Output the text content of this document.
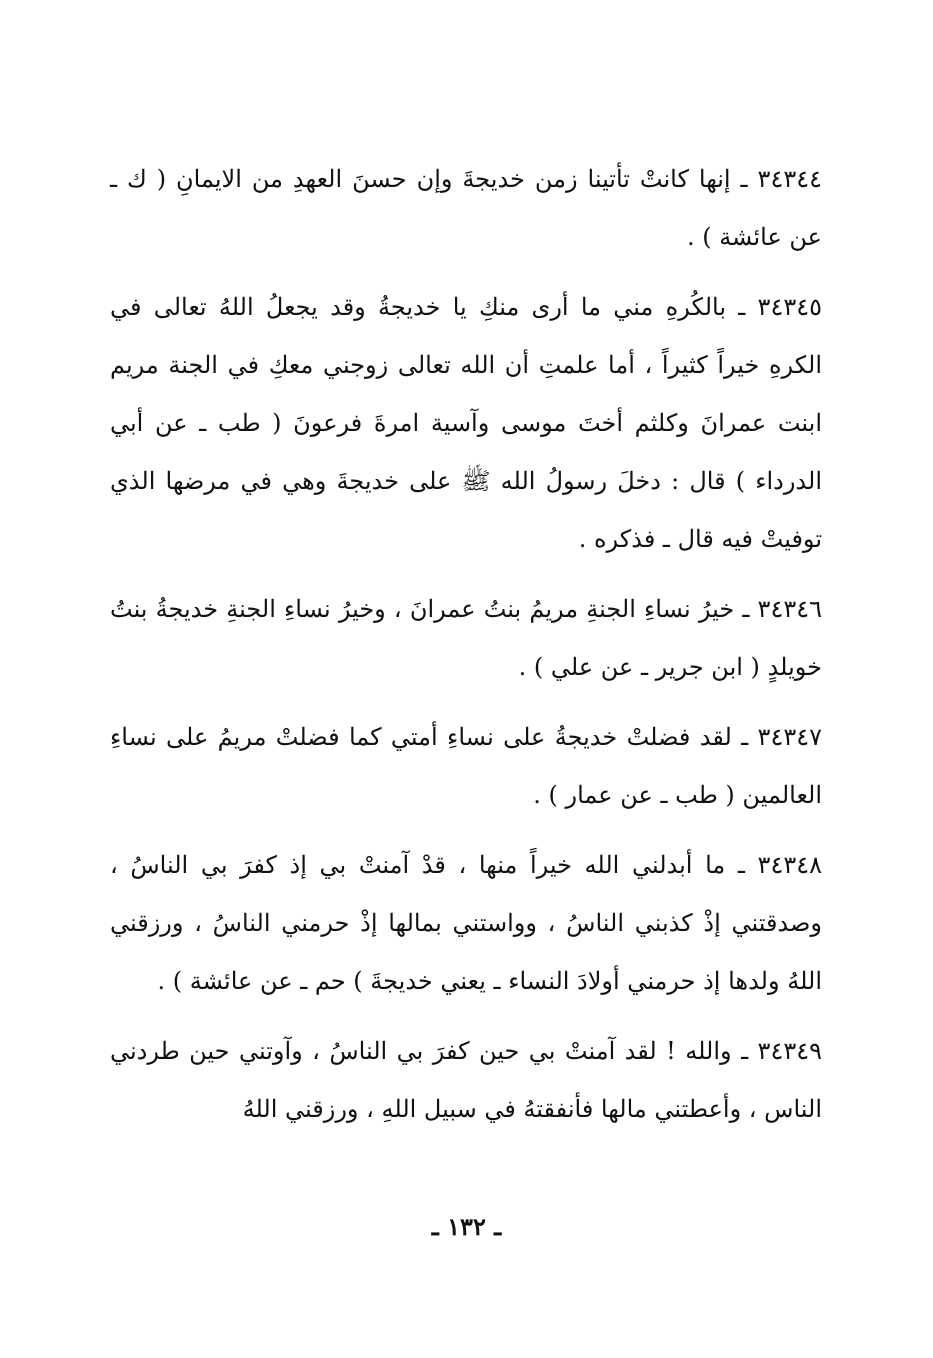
٣٤٣٤٤ ـ إنها كانتْ تأتينا زمن خديجةَ وإن حسنَ العهدِ من الايمانِ ( ك ـ عن عائشة ) .

٣٤٣٤٥ ـ بالكُرهِ مني ما أرى منكِ يا خديجةُ وقد يجعلُ اللهُ تعالى في الكرهِ خيراً كثيراً ، أما علمتِ أن الله تعالى زوجني معكِ في الجنة مريم ابنت عمرانَ وكلثم أختَ موسى وآسية امرةَ فرعونَ ( طب ـ عن أبي الدرداء ) قال : دخلَ رسولُ الله ﷺ على خديجةَ وهي في مرضها الذي توفيتْ فيه قال ـ فذكره .

٣٤٣٤٦ ـ خيرُ نساءِ الجنةِ مريمُ بنتُ عمرانَ ، وخيرُ نساءِ الجنةِ خديجةُ بنتُ خويلدٍ ( ابن جرير ـ عن علي ) .

٣٤٣٤٧ ـ لقد فضلتْ خديجةُ على نساءِ أمتي كما فضلتْ مريمُ على نساءِ العالمين ( طب ـ عن عمار ) .

٣٤٣٤٨ ـ ما أبدلني الله خيراً منها ، قدْ آمنتْ بي إذ كفرَ بي الناسُ ، وصدقتني إذْ كذبني الناسُ ، وواستني بمالها إذْ حرمني الناسُ ، ورزقني اللهُ ولدها إذ حرمني أولادَ النساء ـ يعني خديجةَ ) حم ـ عن عائشة ) .

٣٤٣٤٩ ـ والله ! لقد آمنتْ بي حين كفرَ بي الناسُ ، وآوتني حين طردني الناس ، وأعطتني مالها فأنفقتهُ في سبيل اللهِ ، ورزقني اللهُ

ـ ١٣٢ ـ
